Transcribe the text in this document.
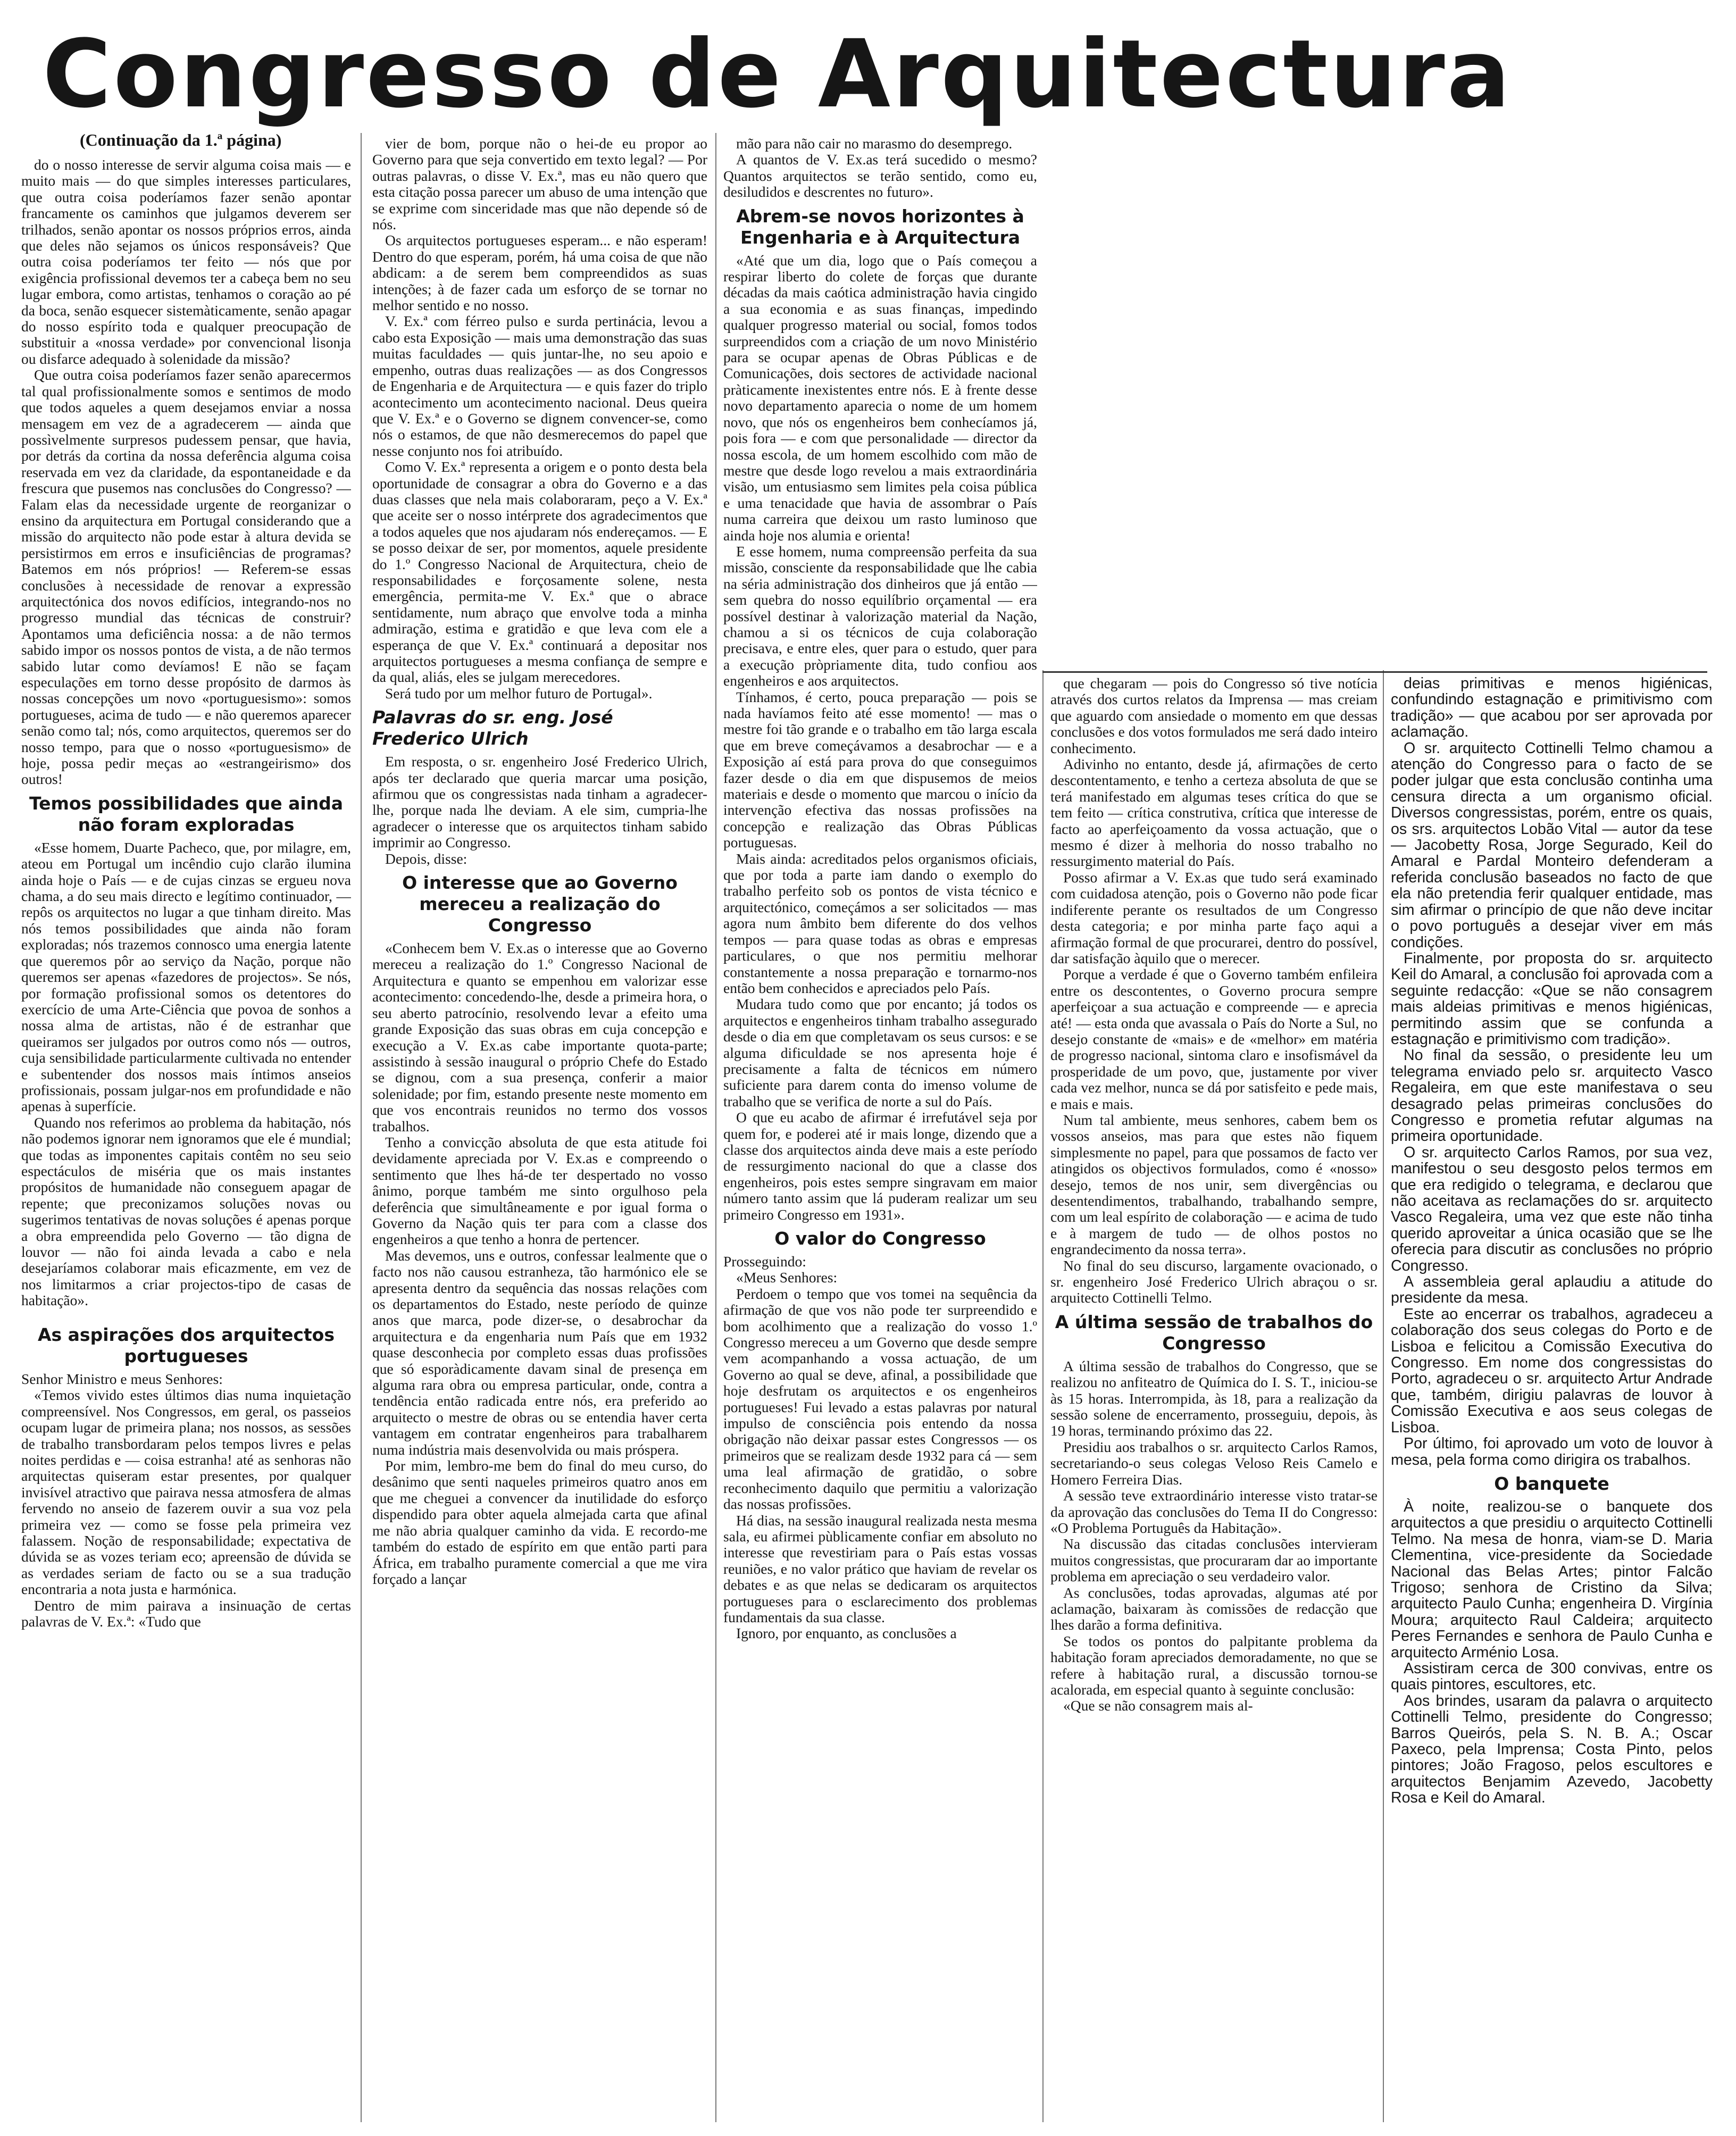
Congresso de Arquitectura
(Continuação da 1.ª página)

do o nosso interesse de servir alguma coisa mais — e muito mais — do que simples interesses particulares, que outra coisa poderíamos fazer senão apontar francamente os caminhos que julgamos deverem ser trilhados, senão apontar os nossos próprios erros, ainda que deles não sejamos os únicos responsáveis? Que outra coisa poderíamos ter feito — nós que por exigência profissional devemos ter a cabeça bem no seu lugar embora, como artistas, tenhamos o coração ao pé da boca, senão esquecer sistemàticamente, senão apagar do nosso espírito toda e qualquer preocupação de substituir a «nossa verdade» por convencional lisonja ou disfarce adequado à solenidade da missão?

Que outra coisa poderíamos fazer senão aparecermos tal qual profissionalmente somos e sentimos de modo que todos aqueles a quem desejamos enviar a nossa mensagem em vez de a agradecerem — ainda que possìvelmente surpresos pudessem pensar, que havia, por detrás da cortina da nossa deferência alguma coisa reservada em vez da claridade, da espontaneidade e da frescura que pusemos nas conclusões do Congresso? — Falam elas da necessidade urgente de reorganizar o ensino da arquitectura em Portugal considerando que a missão do arquitecto não pode estar à altura devida se persistirmos em erros e insuficiências de programas? Batemos em nós próprios! — Referem-se essas conclusões à necessidade de renovar a expressão arquitectónica dos novos edifícios, integrando-nos no progresso mundial das técnicas de construir? Apontamos uma deficiência nossa: a de não termos sabido impor os nossos pontos de vista, a de não termos sabido lutar como devíamos! E não se façam especulações em torno desse propósito de darmos às nossas concepções um novo «portuguesismo»: somos portugueses, acima de tudo — e não queremos aparecer senão como tal; nós, como arquitectos, queremos ser do nosso tempo, para que o nosso «portuguesismo» de hoje, possa pedir meças ao «estrangeirismo» dos outros!

Temos possibilidades que ainda não foram exploradas

«Esse homem, Duarte Pacheco, que, por milagre, em, ateou em Portugal um incêndio cujo clarão ilumina ainda hoje o País — e de cujas cinzas se ergueu nova chama, a do seu mais directo e legítimo continuador, — repôs os arquitectos no lugar a que tinham direito. Mas nós temos possibilidades que ainda não foram exploradas; nós trazemos connosco uma energia latente que queremos pôr ao serviço da Nação, porque não queremos ser apenas «fazedores de projectos». Se nós, por formação profissional somos os detentores do exercício de uma Arte-Ciência que povoa de sonhos a nossa alma de artistas, não é de estranhar que queiramos ser julgados por outros como nós — outros, cuja sensibilidade particularmente cultivada no entender e subentender dos nossos mais íntimos anseios profissionais, possam julgar-nos em profundidade e não apenas à superfície.

Quando nos referimos ao problema da habitação, nós não podemos ignorar nem ignoramos que ele é mundial; que todas as imponentes capitais contêm no seu seio espectáculos de miséria que os mais instantes propósitos de humanidade não conseguem apagar de repente; que preconizamos soluções novas ou sugerimos tentativas de novas soluções é apenas porque a obra empreendida pelo Governo — tão digna de louvor — não foi ainda levada a cabo e nela desejaríamos colaborar mais eficazmente, em vez de nos limitarmos a criar projectos-tipo de casas de habitação».

As aspirações dos arquitectos portugueses

Senhor Ministro e meus Senhores:

«Temos vivido estes últimos dias numa inquietação compreensível. Nos Congressos, em geral, os passeios ocupam lugar de primeira plana; nos nossos, as sessões de trabalho transbordaram pelos tempos livres e pelas noites perdidas e — coisa estranha! até as senhoras não arquitectas quiseram estar presentes, por qualquer invisível atractivo que pairava nessa atmosfera de almas fervendo no anseio de fazerem ouvir a sua voz pela primeira vez — como se fosse pela primeira vez falassem. Noção de responsabilidade; expectativa de dúvida se as vozes teriam eco; apreensão de dúvida se as verdades seriam de facto ou se a sua tradução encontraria a nota justa e harmónica.

Dentro de mim pairava a insinuação de certas palavras de V. Ex.ª: «Tudo que

vier de bom, porque não o hei-de eu propor ao Governo para que seja convertido em texto legal? — Por outras palavras, o disse V. Ex.ª, mas eu não quero que esta citação possa parecer um abuso de uma intenção que se exprime com sinceridade mas que não depende só de nós.

Os arquitectos portugueses esperam... e não esperam! Dentro do que esperam, porém, há uma coisa de que não abdicam: a de serem bem compreendidos as suas intenções; à de fazer cada um esforço de se tornar no melhor sentido e no nosso.

V. Ex.ª com férreo pulso e surda pertinácia, levou a cabo esta Exposição — mais uma demonstração das suas muitas faculdades — quis juntar-lhe, no seu apoio e empenho, outras duas realizações — as dos Congressos de Engenharia e de Arquitectura — e quis fazer do triplo acontecimento um acontecimento nacional. Deus queira que V. Ex.ª e o Governo se dignem convencer-se, como nós o estamos, de que não desmerecemos do papel que nesse conjunto nos foi atribuído.

Como V. Ex.ª representa a origem e o ponto desta bela oportunidade de consagrar a obra do Governo e a das duas classes que nela mais colaboraram, peço a V. Ex.ª que aceite ser o nosso intérprete dos agradecimentos que a todos aqueles que nos ajudaram nós endereçamos. — E se posso deixar de ser, por momentos, aquele presidente do 1.º Congresso Nacional de Arquitectura, cheio de responsabilidades e forçosamente solene, nesta emergência, permita-me V. Ex.ª que o abrace sentidamente, num abraço que envolve toda a minha admiração, estima e gratidão e que leva com ele a esperança de que V. Ex.ª continuará a depositar nos arquitectos portugueses a mesma confiança de sempre e da qual, aliás, eles se julgam merecedores.

Será tudo por um melhor futuro de Portugal».

Palavras do sr. eng. José Frederico Ulrich

Em resposta, o sr. engenheiro José Frederico Ulrich, após ter declarado que queria marcar uma posição, afirmou que os congressistas nada tinham a agradecer-lhe, porque nada lhe deviam. A ele sim, cumpria-lhe agradecer o interesse que os arquitectos tinham sabido imprimir ao Congresso.

Depois, disse:

O interesse que ao Governo mereceu a realização do Congresso

«Conhecem bem V. Ex.as o interesse que ao Governo mereceu a realização do 1.º Congresso Nacional de Arquitectura e quanto se empenhou em valorizar esse acontecimento: concedendo-lhe, desde a primeira hora, o seu aberto patrocínio, resolvendo levar a efeito uma grande Exposição das suas obras em cuja concepção e execução a V. Ex.as cabe importante quota-parte; assistindo à sessão inaugural o próprio Chefe do Estado se dignou, com a sua presença, conferir a maior solenidade; por fim, estando presente neste momento em que vos encontrais reunidos no termo dos vossos trabalhos.

Tenho a convicção absoluta de que esta atitude foi devidamente apreciada por V. Ex.as e compreendo o sentimento que lhes há-de ter despertado no vosso ânimo, porque também me sinto orgulhoso pela deferência que simultâneamente e por igual forma o Governo da Nação quis ter para com a classe dos engenheiros a que tenho a honra de pertencer.

Mas devemos, uns e outros, confessar lealmente que o facto nos não causou estranheza, tão harmónico ele se apresenta dentro da sequência das nossas relações com os departamentos do Estado, neste período de quinze anos que marca, pode dizer-se, o desabrochar da arquitectura e da engenharia num País que em 1932 quase desconhecia por completo essas duas profissões que só esporàdicamente davam sinal de presença em alguma rara obra ou empresa particular, onde, contra a tendência então radicada entre nós, era preferido ao arquitecto o mestre de obras ou se entendia haver certa vantagem em contratar engenheiros para trabalharem numa indústria mais desenvolvida ou mais próspera.

Por mim, lembro-me bem do final do meu curso, do desânimo que senti naqueles primeiros quatro anos em que me cheguei a convencer da inutilidade do esforço dispendido para obter aquela almejada carta que afinal me não abria qualquer caminho da vida. E recordo-me também do estado de espírito em que então parti para África, em trabalho puramente comercial a que me vira forçado a lançar

mão para não cair no marasmo do desemprego.

A quantos de V. Ex.as terá sucedido o mesmo? Quantos arquitectos se terão sentido, como eu, desiludidos e descrentes no futuro».

Abrem-se novos horizontes à Engenharia e à Arquitectura

«Até que um dia, logo que o País começou a respirar liberto do colete de forças que durante décadas da mais caótica administração havia cingido a sua economia e as suas finanças, impedindo qualquer progresso material ou social, fomos todos surpreendidos com a criação de um novo Ministério para se ocupar apenas de Obras Públicas e de Comunicações, dois sectores de actividade nacional pràticamente inexistentes entre nós. E à frente desse novo departamento aparecia o nome de um homem novo, que nós os engenheiros bem conhecíamos já, pois fora — e com que personalidade — director da nossa escola, de um homem escolhido com mão de mestre que desde logo revelou a mais extraordinária visão, um entusiasmo sem limites pela coisa pública e uma tenacidade que havia de assombrar o País numa carreira que deixou um rasto luminoso que ainda hoje nos alumia e orienta!

E esse homem, numa compreensão perfeita da sua missão, consciente da responsabilidade que lhe cabia na séria administração dos dinheiros que já então — sem quebra do nosso equilíbrio orçamental — era possível destinar à valorização material da Nação, chamou a si os técnicos de cuja colaboração precisava, e entre eles, quer para o estudo, quer para a execução pròpriamente dita, tudo confiou aos engenheiros e aos arquitectos.

Tínhamos, é certo, pouca preparação — pois se nada havíamos feito até esse momento! — mas o mestre foi tão grande e o trabalho em tão larga escala que em breve começávamos a desabrochar — e a Exposição aí está para prova do que conseguimos fazer desde o dia em que dispusemos de meios materiais e desde o momento que marcou o início da intervenção efectiva das nossas profissões na concepção e realização das Obras Públicas portuguesas.

Mais ainda: acreditados pelos organismos oficiais, que por toda a parte iam dando o exemplo do trabalho perfeito sob os pontos de vista técnico e arquitectónico, começámos a ser solicitados — mas agora num âmbito bem diferente do dos velhos tempos — para quase todas as obras e empresas particulares, o que nos permitiu melhorar constantemente a nossa preparação e tornarmo-nos então bem conhecidos e apreciados pelo País.

Mudara tudo como que por encanto; já todos os arquitectos e engenheiros tinham trabalho assegurado desde o dia em que completavam os seus cursos: e se alguma dificuldade se nos apresenta hoje é precisamente a falta de técnicos em número suficiente para darem conta do imenso volume de trabalho que se verifica de norte a sul do País.

O que eu acabo de afirmar é irrefutável seja por quem for, e poderei até ir mais longe, dizendo que a classe dos arquitectos ainda deve mais a este período de ressurgimento nacional do que a classe dos engenheiros, pois estes sempre singravam em maior número tanto assim que lá puderam realizar um seu primeiro Congresso em 1931».

O valor do Congresso

Prosseguindo:

«Meus Senhores:

Perdoem o tempo que vos tomei na sequência da afirmação de que vos não pode ter surpreendido e bom acolhimento que a realização do vosso 1.º Congresso mereceu a um Governo que desde sempre vem acompanhando a vossa actuação, de um Governo ao qual se deve, afinal, a possibilidade que hoje desfrutam os arquitectos e os engenheiros portugueses! Fui levado a estas palavras por natural impulso de consciência pois entendo da nossa obrigação não deixar passar estes Congressos — os primeiros que se realizam desde 1932 para cá — sem uma leal afirmação de gratidão, o sobre reconhecimento daquilo que permitiu a valorização das nossas profissões.

Há dias, na sessão inaugural realizada nesta mesma sala, eu afirmei pùblicamente confiar em absoluto no interesse que revestiriam para o País estas vossas reuniões, e no valor prático que haviam de revelar os debates e as que nelas se dedicaram os arquitectos portugueses para o esclarecimento dos problemas fundamentais da sua classe.

Ignoro, por enquanto, as conclusões a

que chegaram — pois do Congresso só tive notícia através dos curtos relatos da Imprensa — mas creiam que aguardo com ansiedade o momento em que dessas conclusões e dos votos formulados me será dado inteiro conhecimento.

Adivinho no entanto, desde já, afirmações de certo descontentamento, e tenho a certeza absoluta de que se terá manifestado em algumas teses crítica do que se tem feito — crítica construtiva, crítica que interesse de facto ao aperfeiçoamento da vossa actuação, que o mesmo é dizer à melhoria do nosso trabalho no ressurgimento material do País.

Posso afirmar a V. Ex.as que tudo será examinado com cuidadosa atenção, pois o Governo não pode ficar indiferente perante os resultados de um Congresso desta categoria; e por minha parte faço aqui a afirmação formal de que procurarei, dentro do possível, dar satisfação àquilo que o merecer.

Porque a verdade é que o Governo também enfileira entre os descontentes, o Governo procura sempre aperfeiçoar a sua actuação e compreende — e aprecia até! — esta onda que avassala o País do Norte a Sul, no desejo constante de «mais» e de «melhor» em matéria de progresso nacional, sintoma claro e insofismável da prosperidade de um povo, que, justamente por viver cada vez melhor, nunca se dá por satisfeito e pede mais, e mais e mais.

Num tal ambiente, meus senhores, cabem bem os vossos anseios, mas para que estes não fiquem simplesmente no papel, para que possamos de facto ver atingidos os objectivos formulados, como é «nosso» desejo, temos de nos unir, sem divergências ou desentendimentos, trabalhando, trabalhando sempre, com um leal espírito de colaboração — e acima de tudo e à margem de tudo — de olhos postos no engrandecimento da nossa terra».

No final do seu discurso, largamente ovacionado, o sr. engenheiro José Frederico Ulrich abraçou o sr. arquitecto Cottinelli Telmo.

A última sessão de trabalhos do Congresso

A última sessão de trabalhos do Congresso, que se realizou no anfiteatro de Química do I. S. T., iniciou-se às 15 horas. Interrompida, às 18, para a realização da sessão solene de encerramento, prosseguiu, depois, às 19 horas, terminando próximo das 22.

Presidiu aos trabalhos o sr. arquitecto Carlos Ramos, secretariando-o seus colegas Veloso Reis Camelo e Homero Ferreira Dias.

A sessão teve extraordinário interesse visto tratar-se da aprovação das conclusões do Tema II do Congresso: «O Problema Português da Habitação».

Na discussão das citadas conclusões intervieram muitos congressistas, que procuraram dar ao importante problema em apreciação o seu verdadeiro valor.

As conclusões, todas aprovadas, algumas até por aclamação, baixaram às comissões de redacção que lhes darão a forma definitiva.

Se todos os pontos do palpitante problema da habitação foram apreciados demoradamente, no que se refere à habitação rural, a discussão tornou-se acalorada, em especial quanto à seguinte conclusão:

«Que se não consagrem mais al-

deias primitivas e menos higiénicas, confundindo estagnação e primitivismo com tradição» — que acabou por ser aprovada por aclamação.

O sr. arquitecto Cottinelli Telmo chamou a atenção do Congresso para o facto de se poder julgar que esta conclusão continha uma censura directa a um organismo oficial. Diversos congressistas, porém, entre os quais, os srs. arquitectos Lobão Vital — autor da tese — Jacobetty Rosa, Jorge Segurado, Keil do Amaral e Pardal Monteiro defenderam a referida conclusão baseados no facto de que ela não pretendia ferir qualquer entidade, mas sim afirmar o princípio de que não deve incitar o povo português a desejar viver em más condições.

Finalmente, por proposta do sr. arquitecto Keil do Amaral, a conclusão foi aprovada com a seguinte redacção: «Que se não consagrem mais aldeias primitivas e menos higiénicas, permitindo assim que se confunda a estagnação e primitivismo com tradição».

No final da sessão, o presidente leu um telegrama enviado pelo sr. arquitecto Vasco Regaleira, em que este manifestava o seu desagrado pelas primeiras conclusões do Congresso e prometia refutar algumas na primeira oportunidade.

O sr. arquitecto Carlos Ramos, por sua vez, manifestou o seu desgosto pelos termos em que era redigido o telegrama, e declarou que não aceitava as reclamações do sr. arquitecto Vasco Regaleira, uma vez que este não tinha querido aproveitar a única ocasião que se lhe oferecia para discutir as conclusões no próprio Congresso.

A assembleia geral aplaudiu a atitude do presidente da mesa.

Este ao encerrar os trabalhos, agradeceu a colaboração dos seus colegas do Porto e de Lisboa e felicitou a Comissão Executiva do Congresso. Em nome dos congressistas do Porto, agradeceu o sr. arquitecto Artur Andrade que, também, dirigiu palavras de louvor à Comissão Executiva e aos seus colegas de Lisboa.

Por último, foi aprovado um voto de louvor à mesa, pela forma como dirigira os trabalhos.

O banquete

À noite, realizou-se o banquete dos arquitectos a que presidiu o arquitecto Cottinelli Telmo. Na mesa de honra, viam-se D. Maria Clementina, vice-presidente da Sociedade Nacional das Belas Artes; pintor Falcão Trigoso; senhora de Cristino da Silva; arquitecto Paulo Cunha; engenheira D. Virgínia Moura; arquitecto Raul Caldeira; arquitecto Peres Fernandes e senhora de Paulo Cunha e arquitecto Arménio Losa.

Assistiram cerca de 300 convivas, entre os quais pintores, escultores, etc.

Aos brindes, usaram da palavra o arquitecto Cottinelli Telmo, presidente do Congresso; Barros Queirós, pela S. N. B. A.; Oscar Paxeco, pela Imprensa; Costa Pinto, pelos pintores; João Fragoso, pelos escultores e arquitectos Benjamim Azevedo, Jacobetty Rosa e Keil do Amaral.
